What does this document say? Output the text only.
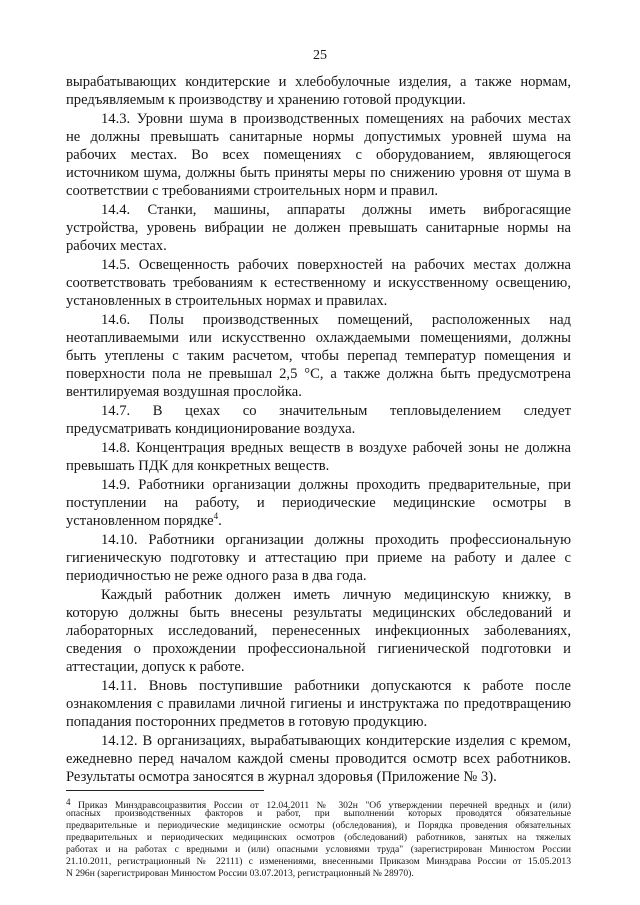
25
вырабатывающих кондитерские и хлебобулочные изделия, а также нормам,
предъявляемым к производству и хранению готовой продукции.
14.3. Уровни шума в производственных помещениях на рабочих местах
не должны превышать санитарные нормы допустимых уровней шума на
рабочих местах. Во всех помещениях с оборудованием, являющегося
источником шума, должны быть приняты меры по снижению уровня от шума в
соответствии с требованиями строительных норм и правил.
14.4. Станки, машины, аппараты должны иметь виброгасящие
устройства, уровень вибрации не должен превышать санитарные нормы на
рабочих местах.
14.5. Освещенность рабочих поверхностей на рабочих местах должна
соответствовать требованиям к естественному и искусственному освещению,
установленных в строительных нормах и правилах.
14.6. Полы производственных помещений, расположенных над
неотапливаемыми или искусственно охлаждаемыми помещениями, должны
быть утеплены с таким расчетом, чтобы перепад температур помещения и
поверхности пола не превышал 2,5 °С, а также должна быть предусмотрена
вентилируемая воздушная прослойка.
14.7. В цехах со значительным тепловыделением следует
предусматривать кондиционирование воздуха.
14.8. Концентрация вредных веществ в воздухе рабочей зоны не должна
превышать ПДК для конкретных веществ.
14.9. Работники организации должны проходить предварительные, при
поступлении на работу, и периодические медицинские осмотры в
установленном порядке$^4$.
14.10. Работники организации должны проходить профессиональную
гигиеническую подготовку и аттестацию при приеме на работу и далее с
периодичностью не реже одного раза в два года.
Каждый работник должен иметь личную медицинскую книжку, в
которую должны быть внесены результаты медицинских обследований и
лабораторных исследований, перенесенных инфекционных заболеваниях,
сведения о прохождении профессиональной гигиенической подготовки и
аттестации, допуск к работе.
14.11. Вновь поступившие работники допускаются к работе после
ознакомления с правилами личной гигиены и инструктажа по предотвращению
попадания посторонних предметов в готовую продукцию.
14.12. В организациях, вырабатывающих кондитерские изделия с кремом,
ежедневно перед началом каждой смены проводится осмотр всех работников.
Результаты осмотра заносятся в журнал здоровья (Приложение № 3).
4 Приказ Минздравсоцразвития России от 12.04.2011 № 302н "Об утверждении перечней вредных и (или)
опасных производственных факторов и работ, при выполнении которых проводятся обязательные
предварительные и периодические медицинские осмотры (обследования), и Порядка проведения обязательных
предварительных и периодических медицинских осмотров (обследований) работников, занятых на тяжелых
работах и на работах с вредными и (или) опасными условиями труда" (зарегистрирован Минюстом России
21.10.2011, регистрационный № 22111) с изменениями, внесенными Приказом Минздрава России от 15.05.2013
N 296н (зарегистрирован Минюстом России 03.07.2013, регистрационный № 28970).
